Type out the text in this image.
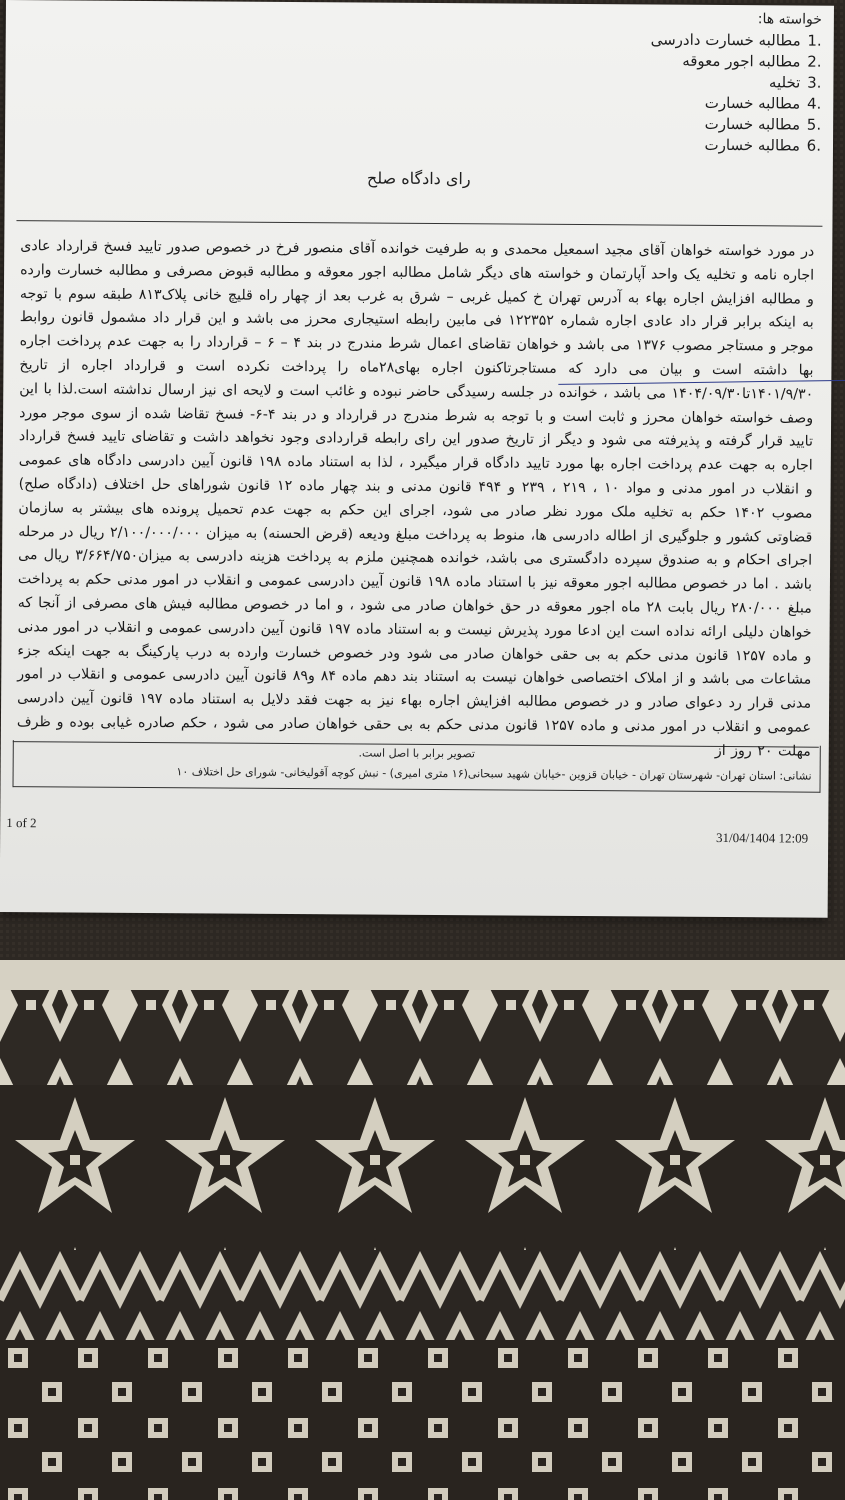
خواسته ها:
1. مطالبه خسارت دادرسی
2. مطالبه اجور معوقه
3. تخلیه
4. مطالبه خسارت
5. مطالبه خسارت
6. مطالبه خسارت
رای دادگاه صلح

در مورد خواسته خواهان آقای مجید اسمعیل محمدی و به طرفیت خوانده آقای منصور فرخ در خصوص صدور تایید فسخ قرارداد عادی اجاره نامه و تخلیه یک واحد آپارتمان و خواسته های دیگر شامل مطالبه اجور معوقه و مطالبه قبوض مصرفی و مطالبه خسارت وارده و مطالبه افزایش اجاره بهاء به آدرس تهران خ کمیل غربی – شرق به غرب بعد از چهار راه قلیچ خانی پلاک۸۱۳ طبقه سوم با توجه به اینکه برابر قرار داد عادی اجاره شماره ۱۲۲۳۵۲ فی مابین رابطه استیجاری محرز می باشد و این قرار داد مشمول قانون روابط موجر و مستاجر مصوب ۱۳۷۶ می باشد و خواهان تقاضای اعمال شرط مندرج در بند ۴ – ۶ – قرارداد را به جهت عدم پرداخت اجاره بها داشته است و بیان می دارد که مستاجرتاکنون اجاره بهای۲۸ماه را پرداخت نکرده است و قرارداد اجاره از تاریخ ۱۴۰۱/۹/۳۰تا۱۴۰۴/۰۹/۳۰ می باشد ، خوانده در جلسه رسیدگی حاضر نبوده و غائب است و لایحه ای نیز ارسال نداشته است.لذا با این وصف خواسته خواهان محرز و ثابت است و با توجه به شرط مندرج در قرارداد و در بند ۴-۶- فسخ تقاضا شده از سوی موجر مورد تایید قرار گرفته و پذیرفته می شود و دیگر از تاریخ صدور این رای رابطه قراردادی وجود نخواهد داشت و تقاضای تایید فسخ قرارداد اجاره به جهت عدم پرداخت اجاره بها مورد تایید دادگاه قرار میگیرد ، لذا به استناد ماده ۱۹۸ قانون آیین دادرسی دادگاه های عمومی و انقلاب در امور مدنی و مواد ۱۰ ، ۲۱۹ ، ۲۳۹ و ۴۹۴ قانون مدنی و بند چهار ماده ۱۲ قانون شوراهای حل اختلاف (دادگاه صلح) مصوب ۱۴۰۲ حکم به تخلیه ملک مورد نظر صادر می شود، اجرای این حکم به جهت عدم تحمیل پرونده های بیشتر به سازمان قضاوتی کشور و جلوگیری از اطاله دادرسی ها، منوط به پرداخت مبلغ ودیعه (قرض الحسنه) به میزان ۲/۱۰۰/۰۰۰/۰۰۰ ریال در مرحله اجرای احکام و به صندوق سپرده دادگستری می باشد، خوانده همچنین ملزم به پرداخت هزینه دادرسی به میزان۳/۶۶۴/۷۵۰ ریال می باشد . اما در خصوص مطالبه اجور معوقه نیز با استناد ماده ۱۹۸ قانون آیین دادرسی عمومی و انقلاب در امور مدنی حکم به پرداخت مبلغ ۲۸۰/۰۰۰ ریال بابت ۲۸ ماه اجور معوقه در حق خواهان صادر می شود ، و اما در خصوص مطالبه فیش های مصرفی از آنجا که خواهان دلیلی ارائه نداده است این ادعا مورد پذیرش نیست و به استناد ماده ۱۹۷ قانون آیین دادرسی عمومی و انقلاب در امور مدنی و ماده ۱۲۵۷ قانون مدنی حکم به بی حقی خواهان صادر می شود ودر خصوص خسارت وارده به درب پارکینگ به جهت اینکه جزء مشاعات می باشد و از املاک اختصاصی خواهان نیست به استناد بند دهم ماده ۸۴ و۸۹ قانون آیین دادرسی عمومی و انقلاب در امور مدنی قرار رد دعوای صادر و در خصوص مطالبه افزایش اجاره بهاء نیز به جهت فقد دلایل به استناد ماده ۱۹۷ قانون آیین دادرسی عمومی و انقلاب در امور مدنی و ماده ۱۲۵۷ قانون مدنی حکم به بی حقی خواهان صادر می شود ، حکم صادره غیابی بوده و ظرف مهلت ۲۰ روز از

تصویر برابر با اصل است.
نشانی: استان تهران- شهرستان تهران - خیابان قزوین -خیابان شهید سبحانی(۱۶ متری امیری) - نبش کوچه آقولیخانی- شورای حل اختلاف ۱۰
1 of 2
31/04/1404 12:09
